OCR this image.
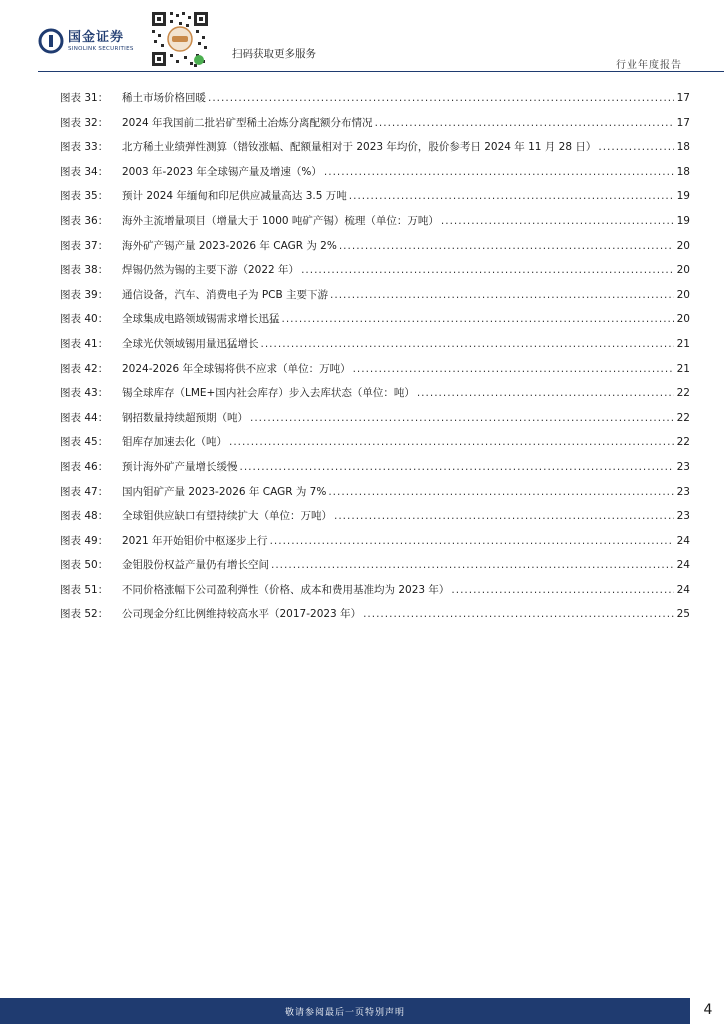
国金证券
SINOLINK SECURITIES	扫码获取更多服务
行业年度报告
图表 31：	稀土市场价格回暖 .....	17
图表 32：	2024 年我国前二批岩矿型稀土冶炼分离配额分布情况 .....	17
图表 33：	北方稀土业绩弹性测算（镨钕涨幅、配额量相对于 2023 年均价，股价参考日 2024 年 11 月 28 日） .....	18
图表 34：	2003 年-2023 年全球锡产量及增速（%） .....	18
图表 35：	预计 2024 年缅甸和印尼供应减量高达 3.5 万吨 .....	19
图表 36：	海外主流增量项目（增量大于 1000 吨矿产锡）梳理（单位：万吨） .....	19
图表 37：	海外矿产锡产量 2023-2026 年 CAGR 为 2% .....	20
图表 38：	焊锡仍然为锡的主要下游（2022 年） .....	20
图表 39：	通信设备，汽车、消费电子为 PCB 主要下游 .....	20
图表 40：	全球集成电路领域锡需求增长迅猛 .....	20
图表 41：	全球光伏领域锡用量迅猛增长 .....	21
图表 42：	2024-2026 年全球锡将供不应求（单位：万吨） .....	21
图表 43：	锡全球库存（LME+国内社会库存）步入去库状态（单位：吨） .....	22
图表 44：	钢招数量持续超预期（吨） .....	22
图表 45：	钼库存加速去化（吨） .....	22
图表 46：	预计海外矿产量增长缓慢 .....	23
图表 47：	国内钼矿产量 2023-2026 年 CAGR 为 7% .....	23
图表 48：	全球钼供应缺口有望持续扩大（单位：万吨） .....	23
图表 49：	2021 年开始钼价中枢逐步上行 .....	24
图表 50：	金钼股份权益产量仍有增长空间 .....	24
图表 51：	不同价格涨幅下公司盈利弹性（价格、成本和费用基准均为 2023 年） .....	24
图表 52：	公司现金分红比例维持较高水平（2017-2023 年） .....	25
敬请参阅最后一页特别声明	4
